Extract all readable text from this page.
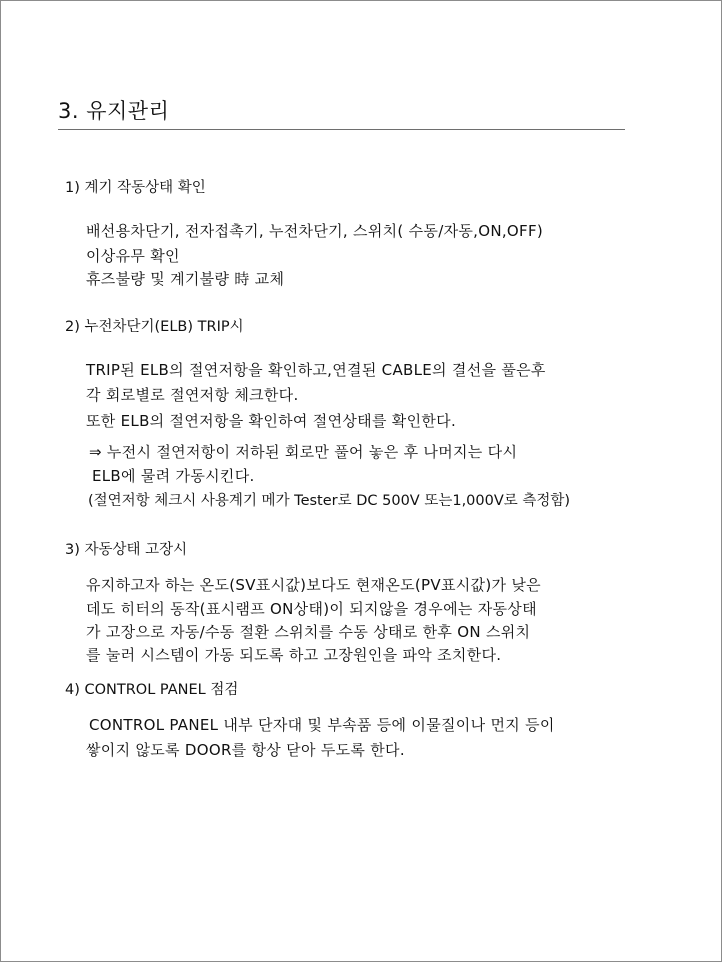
3. 유지관리
1) 계기 작동상태 확인
배선용차단기, 전자접촉기, 누전차단기, 스위치( 수동/자동,ON,OFF)
이상유무 확인
휴즈불량 및 계기불량 時 교체
2) 누전차단기(ELB) TRIP시
TRIP된 ELB의 절연저항을 확인하고,연결된 CABLE의 결선을 풀은후
각 회로별로 절연저항 체크한다.
또한 ELB의 절연저항을 확인하여 절연상태를 확인한다.
⇒ 누전시 절연저항이 저하된 회로만 풀어 놓은 후 나머지는 다시
ELB에 물려 가동시킨다.
(절연저항 체크시 사용계기 메가 Tester로 DC 500V 또는1,000V로 측정함)
3) 자동상태 고장시
유지하고자 하는 온도(SV표시값)보다도 현재온도(PV표시값)가 낮은
데도 히터의 동작(표시램프 ON상태)이 되지않을 경우에는 자동상태
가 고장으로 자동/수동 절환 스위치를 수동 상태로 한후 ON 스위치
를 눌러 시스템이 가동 되도록 하고 고장원인을 파악 조치한다.
4) CONTROL PANEL 점검
CONTROL PANEL 내부 단자대 및 부속품 등에 이물질이나 먼지 등이
쌓이지 않도록 DOOR를 항상 닫아 두도록 한다.
